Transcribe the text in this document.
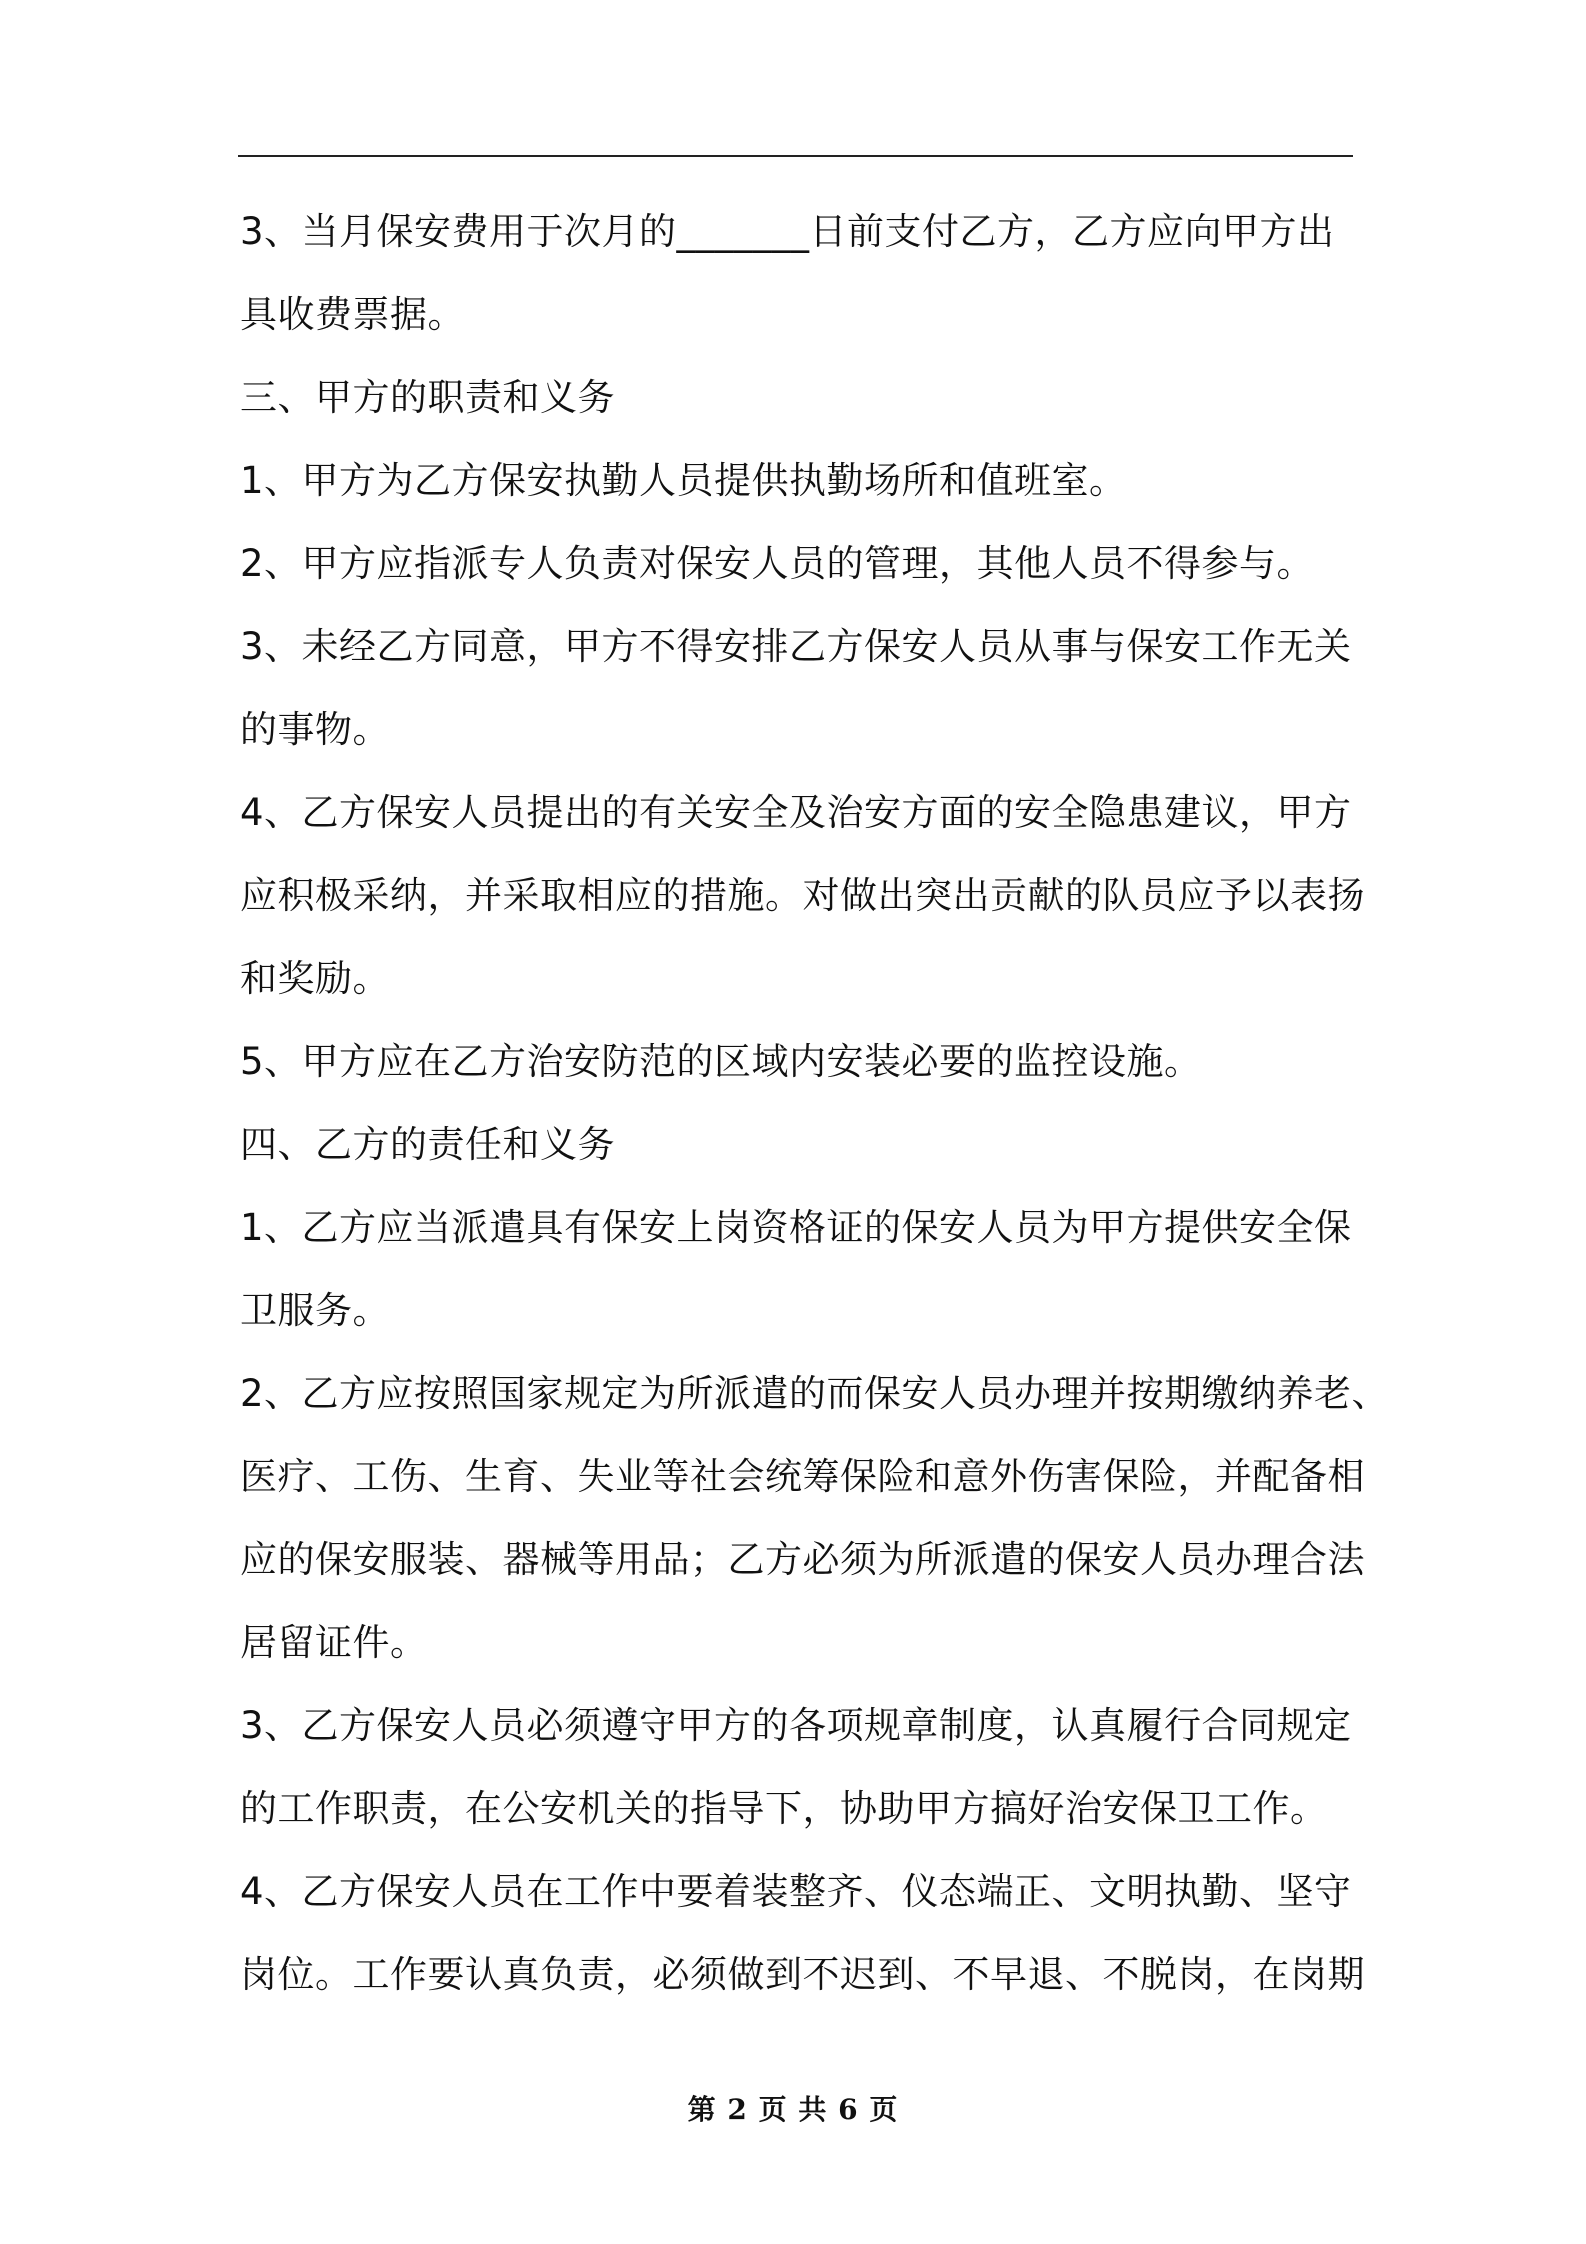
3、当月保安费用于次月的_______日前支付乙方，乙方应向甲方出
具收费票据。
三、甲方的职责和义务
1、甲方为乙方保安执勤人员提供执勤场所和值班室。
2、甲方应指派专人负责对保安人员的管理，其他人员不得参与。
3、未经乙方同意，甲方不得安排乙方保安人员从事与保安工作无关
的事物。
4、乙方保安人员提出的有关安全及治安方面的安全隐患建议，甲方
应积极采纳，并采取相应的措施。对做出突出贡献的队员应予以表扬
和奖励。
5、甲方应在乙方治安防范的区域内安装必要的监控设施。
四、乙方的责任和义务
1、乙方应当派遣具有保安上岗资格证的保安人员为甲方提供安全保
卫服务。
2、乙方应按照国家规定为所派遣的而保安人员办理并按期缴纳养老、
医疗、工伤、生育、失业等社会统筹保险和意外伤害保险，并配备相
应的保安服装、器械等用品；乙方必须为所派遣的保安人员办理合法
居留证件。
3、乙方保安人员必须遵守甲方的各项规章制度，认真履行合同规定
的工作职责，在公安机关的指导下，协助甲方搞好治安保卫工作。
4、乙方保安人员在工作中要着装整齐、仪态端正、文明执勤、坚守
岗位。工作要认真负责，必须做到不迟到、不早退、不脱岗，在岗期
第 2 页 共 6 页
